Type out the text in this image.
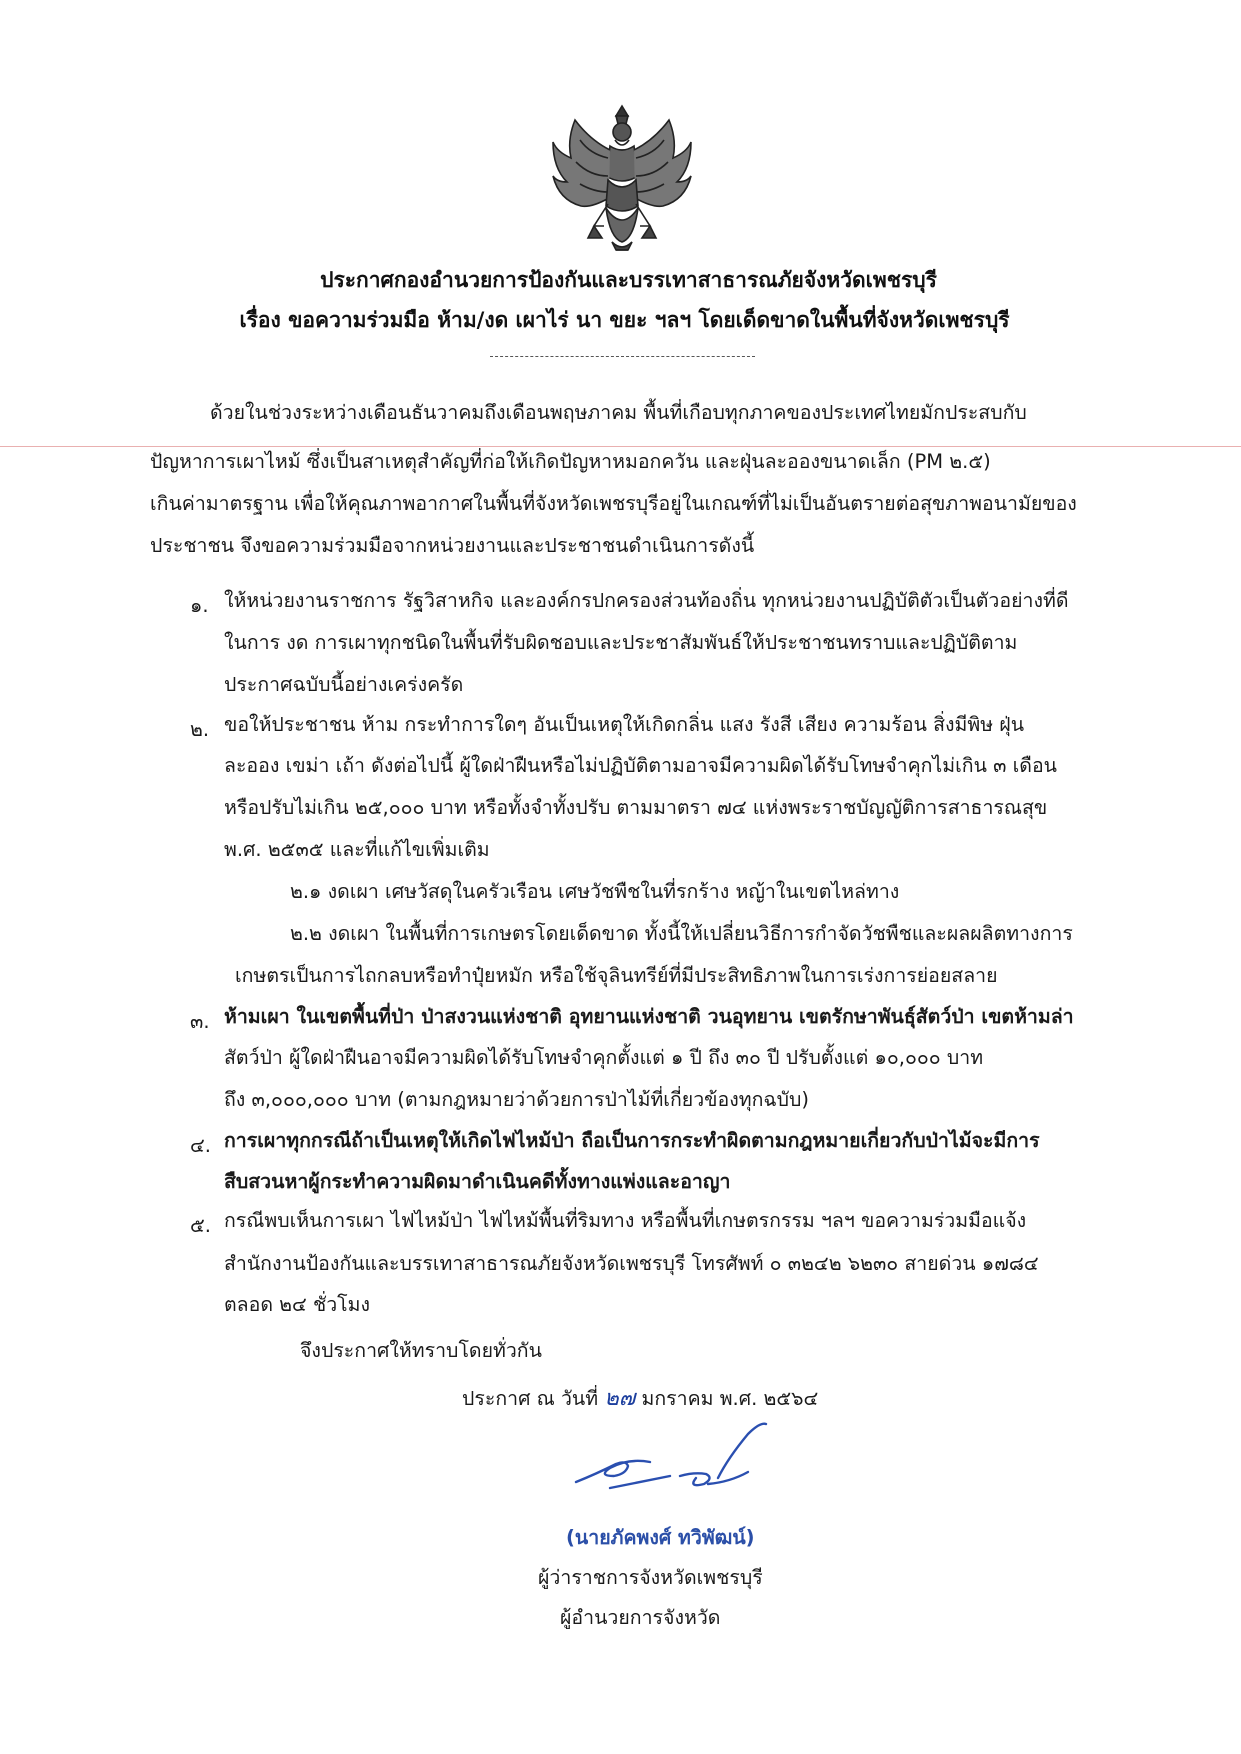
ประกาศกองอำนวยการป้องกันและบรรเทาสาธารณภัยจังหวัดเพชรบุรี
เรื่อง ขอความร่วมมือ ห้าม/งด เผาไร่ นา ขยะ ฯลฯ โดยเด็ดขาดในพื้นที่จังหวัดเพชรบุรี
ด้วยในช่วงระหว่างเดือนธันวาคมถึงเดือนพฤษภาคม พื้นที่เกือบทุกภาคของประเทศไทยมักประสบกับ
ปัญหาการเผาไหม้ ซึ่งเป็นสาเหตุสำคัญที่ก่อให้เกิดปัญหาหมอกควัน และฝุ่นละอองขนาดเล็ก (PM ๒.๕)
เกินค่ามาตรฐาน เพื่อให้คุณภาพอากาศในพื้นที่จังหวัดเพชรบุรีอยู่ในเกณฑ์ที่ไม่เป็นอันตรายต่อสุขภาพอนามัยของ
ประชาชน จึงขอความร่วมมือจากหน่วยงานและประชาชนดำเนินการดังนี้
๑. ให้หน่วยงานราชการ รัฐวิสาหกิจ และองค์กรปกครองส่วนท้องถิ่น ทุกหน่วยงานปฏิบัติตัวเป็นตัวอย่างที่ดี
ในการ งด การเผาทุกชนิดในพื้นที่รับผิดชอบและประชาสัมพันธ์ให้ประชาชนทราบและปฏิบัติตาม
ประกาศฉบับนี้อย่างเคร่งครัด
๒. ขอให้ประชาชน ห้าม กระทำการใดๆ อันเป็นเหตุให้เกิดกลิ่น แสง รังสี เสียง ความร้อน สิ่งมีพิษ ฝุ่น
ละออง เขม่า เถ้า ดังต่อไปนี้ ผู้ใดฝ่าฝืนหรือไม่ปฏิบัติตามอาจมีความผิดได้รับโทษจำคุกไม่เกิน ๓ เดือน
หรือปรับไม่เกิน ๒๕,๐๐๐ บาท หรือทั้งจำทั้งปรับ ตามมาตรา ๗๔ แห่งพระราชบัญญัติการสาธารณสุข
พ.ศ. ๒๕๓๕ และที่แก้ไขเพิ่มเติม
๒.๑ งดเผา เศษวัสดุในครัวเรือน เศษวัชพืชในที่รกร้าง หญ้าในเขตไหล่ทาง
๒.๒ งดเผา ในพื้นที่การเกษตรโดยเด็ดขาด ทั้งนี้ให้เปลี่ยนวิธีการกำจัดวัชพืชและผลผลิตทางการ
เกษตรเป็นการไถกลบหรือทำปุ๋ยหมัก หรือใช้จุลินทรีย์ที่มีประสิทธิภาพในการเร่งการย่อยสลาย
๓. ห้ามเผา ในเขตพื้นที่ป่า ป่าสงวนแห่งชาติ อุทยานแห่งชาติ วนอุทยาน เขตรักษาพันธุ์สัตว์ป่า เขตห้ามล่า
สัตว์ป่า ผู้ใดฝ่าฝืนอาจมีความผิดได้รับโทษจำคุกตั้งแต่ ๑ ปี ถึง ๓๐ ปี ปรับตั้งแต่ ๑๐,๐๐๐ บาท
ถึง ๓,๐๐๐,๐๐๐ บาท (ตามกฎหมายว่าด้วยการป่าไม้ที่เกี่ยวข้องทุกฉบับ)
๔. การเผาทุกกรณีถ้าเป็นเหตุให้เกิดไฟไหม้ป่า ถือเป็นการกระทำผิดตามกฎหมายเกี่ยวกับป่าไม้จะมีการ
สืบสวนหาผู้กระทำความผิดมาดำเนินคดีทั้งทางแพ่งและอาญา
๕. กรณีพบเห็นการเผา ไฟไหม้ป่า ไฟไหม้พื้นที่ริมทาง หรือพื้นที่เกษตรกรรม ฯลฯ ขอความร่วมมือแจ้ง
สำนักงานป้องกันและบรรเทาสาธารณภัยจังหวัดเพชรบุรี โทรศัพท์ ๐ ๓๒๔๒ ๖๒๓๐ สายด่วน ๑๗๘๔
ตลอด ๒๔ ชั่วโมง
จึงประกาศให้ทราบโดยทั่วกัน
ประกาศ ณ วันที่ ๒๗ มกราคม พ.ศ. ๒๕๖๔
(นายภัคพงศ์ ทวิพัฒน์)
ผู้ว่าราชการจังหวัดเพชรบุรี
ผู้อำนวยการจังหวัด
